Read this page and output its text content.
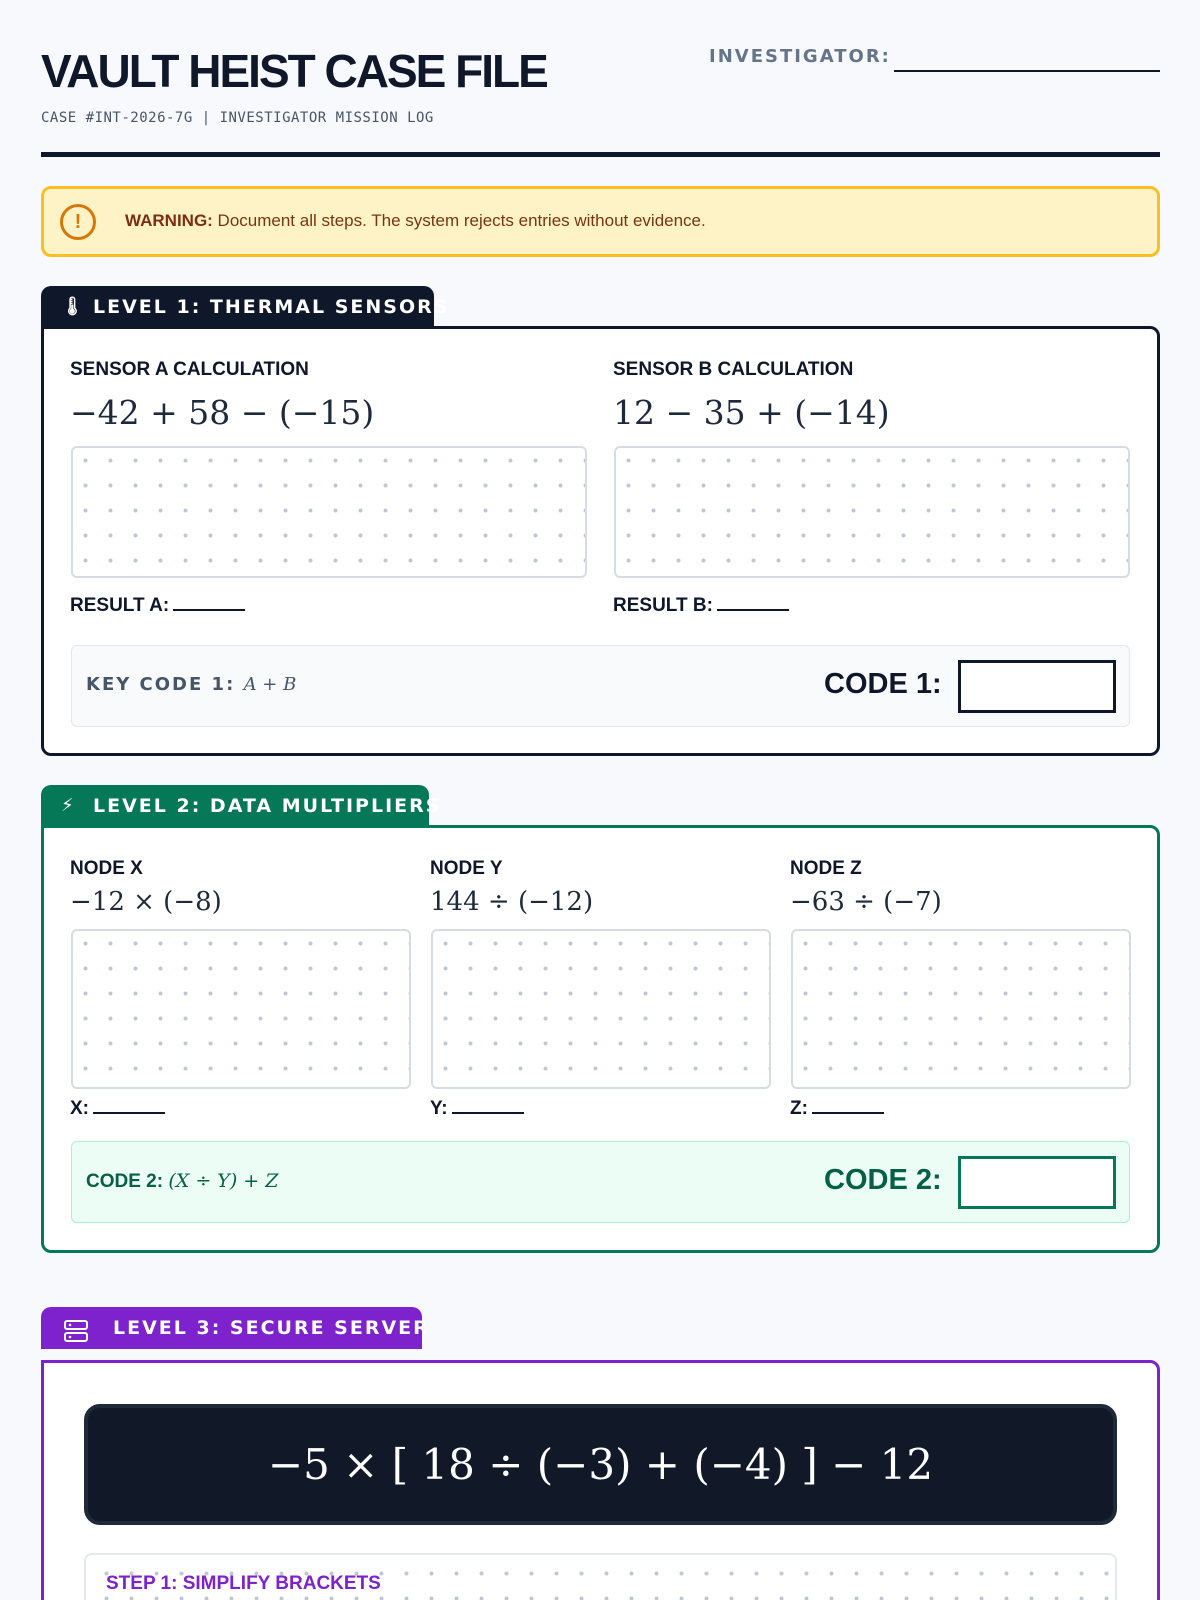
VAULT HEIST CASE FILE
CASE #INT-2026-7G | INVESTIGATOR MISSION LOG
INVESTIGATOR:
!	WARNING: Document all steps. The system rejects entries without evidence.
🌡 LEVEL 1: THERMAL SENSORS
SENSOR A CALCULATION
−42 + 58 − (−15)
RESULT A:
SENSOR B CALCULATION
12 − 35 + (−14)
RESULT B:
KEY CODE 1: A + B	CODE 1:
⚡ LEVEL 2: DATA MULTIPLIERS
NODE X
−12 × (−8)
X:
NODE Y
144 ÷ (−12)
Y:
NODE Z
−63 ÷ (−7)
Z:
CODE 2: (X ÷ Y) + Z	CODE 2:
LEVEL 3: SECURE SERVER
−5 × [ 18 ÷ (−3) + (−4) ] − 12
STEP 1: SIMPLIFY BRACKETS
